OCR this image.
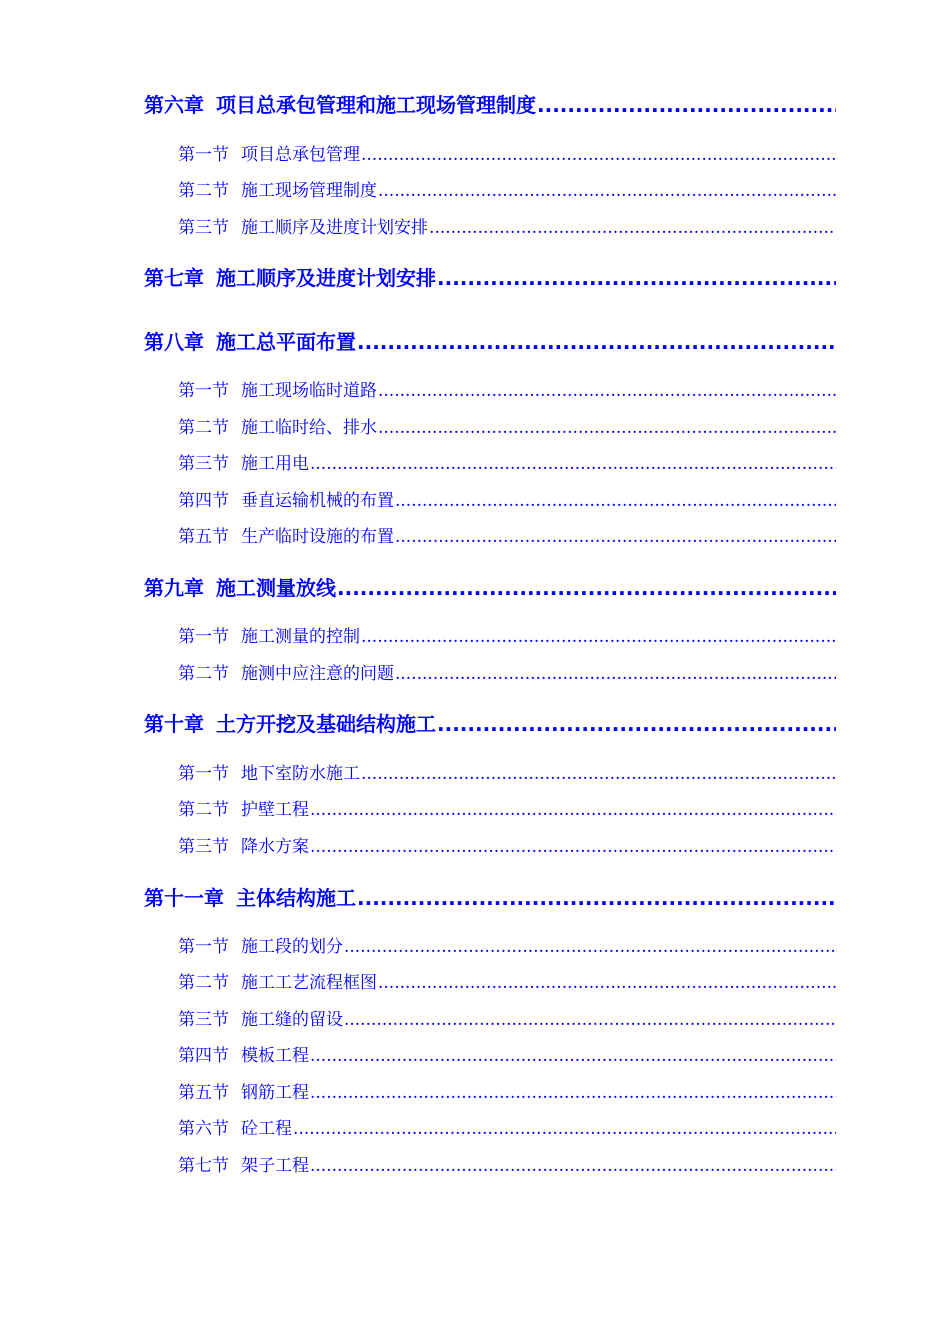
第六章 项目总承包管理和施工现场管理制度
.....
第一节 项目总承包管理
.....
第二节 施工现场管理制度
.....
第三节 施工顺序及进度计划安排
.....
第七章 施工顺序及进度计划安排
.....
第八章 施工总平面布置
.....
第一节 施工现场临时道路
.....
第二节 施工临时给、排水
.....
第三节 施工用电
.....
第四节 垂直运输机械的布置
.....
第五节 生产临时设施的布置
.....
第九章 施工测量放线
.....
第一节 施工测量的控制
.....
第二节 施测中应注意的问题
.....
第十章 土方开挖及基础结构施工
.....
第一节 地下室防水施工
.....
第二节 护壁工程
.....
第三节 降水方案
.....
第十一章 主体结构施工
.....
第一节 施工段的划分
.....
第二节 施工工艺流程框图
.....
第三节 施工缝的留设
.....
第四节 模板工程
.....
第五节 钢筋工程
.....
第六节 砼工程
.....
第七节 架子工程
.....
